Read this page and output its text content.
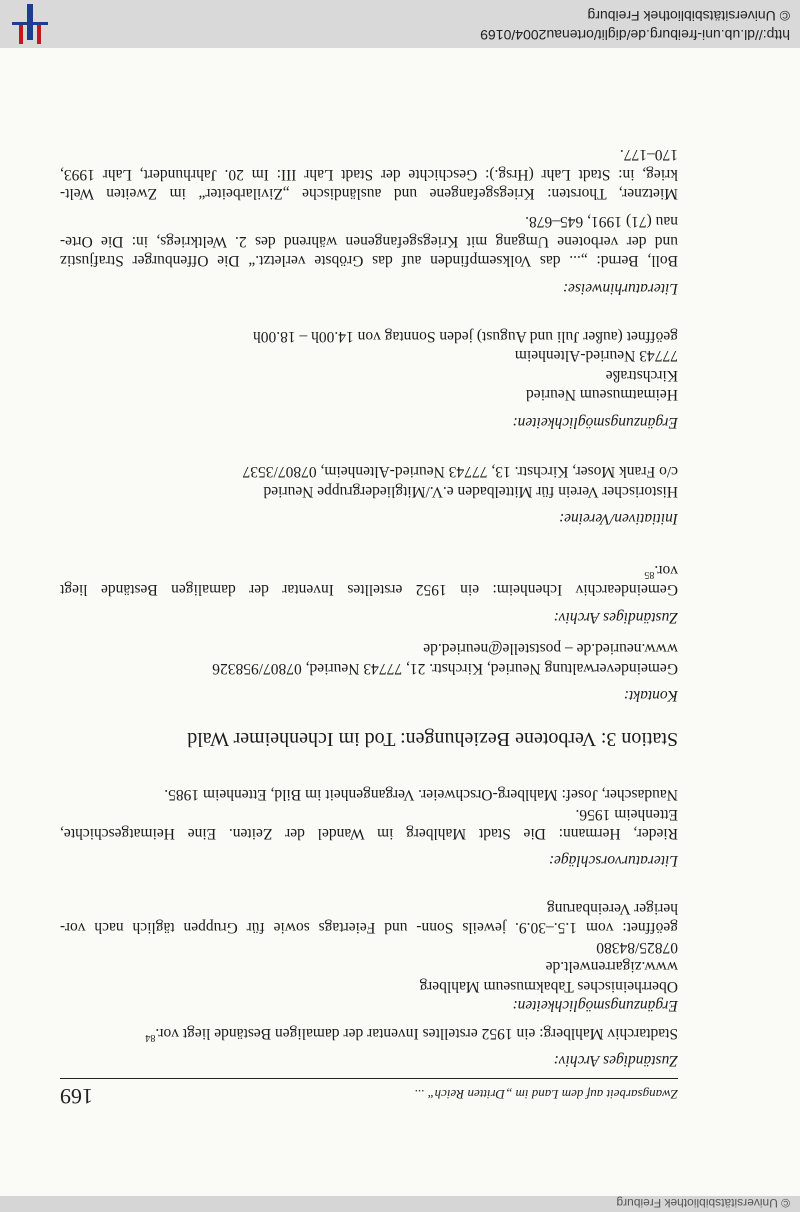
© Universitätsbibliothek Freiburg
Zwangsarbeit auf dem Land im „Dritten Reich“ ...
169
Zuständiges Archiv:
Stadtarchiv Mahlberg: ein 1952 erstelltes Inventar der damaligen Bestände liegt vor.$^{84}$
Ergänzungsmöglichkeiten:
Oberrheinisches Tabakmuseum Mahlberg
www.zigarrenwelt.de
07825/84380
geöffnet: vom 1.5.–30.9. jeweils Sonn- und Feiertags sowie für Gruppen täglich nach vor-
heriger Vereinbarung
Literaturvorschläge:
Rieder, Hermann: Die Stadt Mahlberg im Wandel der Zeiten. Eine Heimatgeschichte,
Ettenheim 1956.
Naudascher, Josef: Mahlberg-Orschweier. Vergangenheit im Bild, Ettenheim 1985.
Station 3: Verbotene Beziehungen: Tod im Ichenheimer Wald
Kontakt:
Gemeindeverwaltung Neuried, Kirchstr. 21, 77743 Neuried, 07807/958326
www.neuried.de – poststelle@neuried.de
Zuständiges Archiv:
Gemeindearchiv Ichenheim: ein 1952 erstelltes Inventar der damaligen Bestände liegt
vor.$^{85}$
Initiativen/Vereine:
Historischer Verein für Mittelbaden e.V./Mitgliedergruppe Neuried
c/o Frank Moser, Kirchstr. 13, 77743 Neuried-Altenheim, 07807/3537
Ergänzungsmöglichkeiten:
Heimatmuseum Neuried
Kirchstraße
77743 Neuried-Altenheim
geöffnet (außer Juli und August) jeden Sonntag von 14.00h – 18.00h
Literaturhinweise:
Boll, Bernd: „... das Volksempfinden auf das Gröbste verletzt.“ Die Offenburger Strafjustiz
und der verbotene Umgang mit Kriegsgefangenen während des 2. Weltkriegs, in: Die Orte-
nau (71) 1991, 645–678.
Mietzner, Thorsten: Kriegsgefangene und ausländische „Zivilarbeiter“ im Zweiten Welt-
krieg, in: Stadt Lahr (Hrsg.): Geschichte der Stadt Lahr III: Im 20. Jahrhundert, Lahr 1993,
170–177.
http://dl.ub.uni-freiburg.de/diglit/ortenau2004/0169
© Universitätsbibliothek Freiburg
